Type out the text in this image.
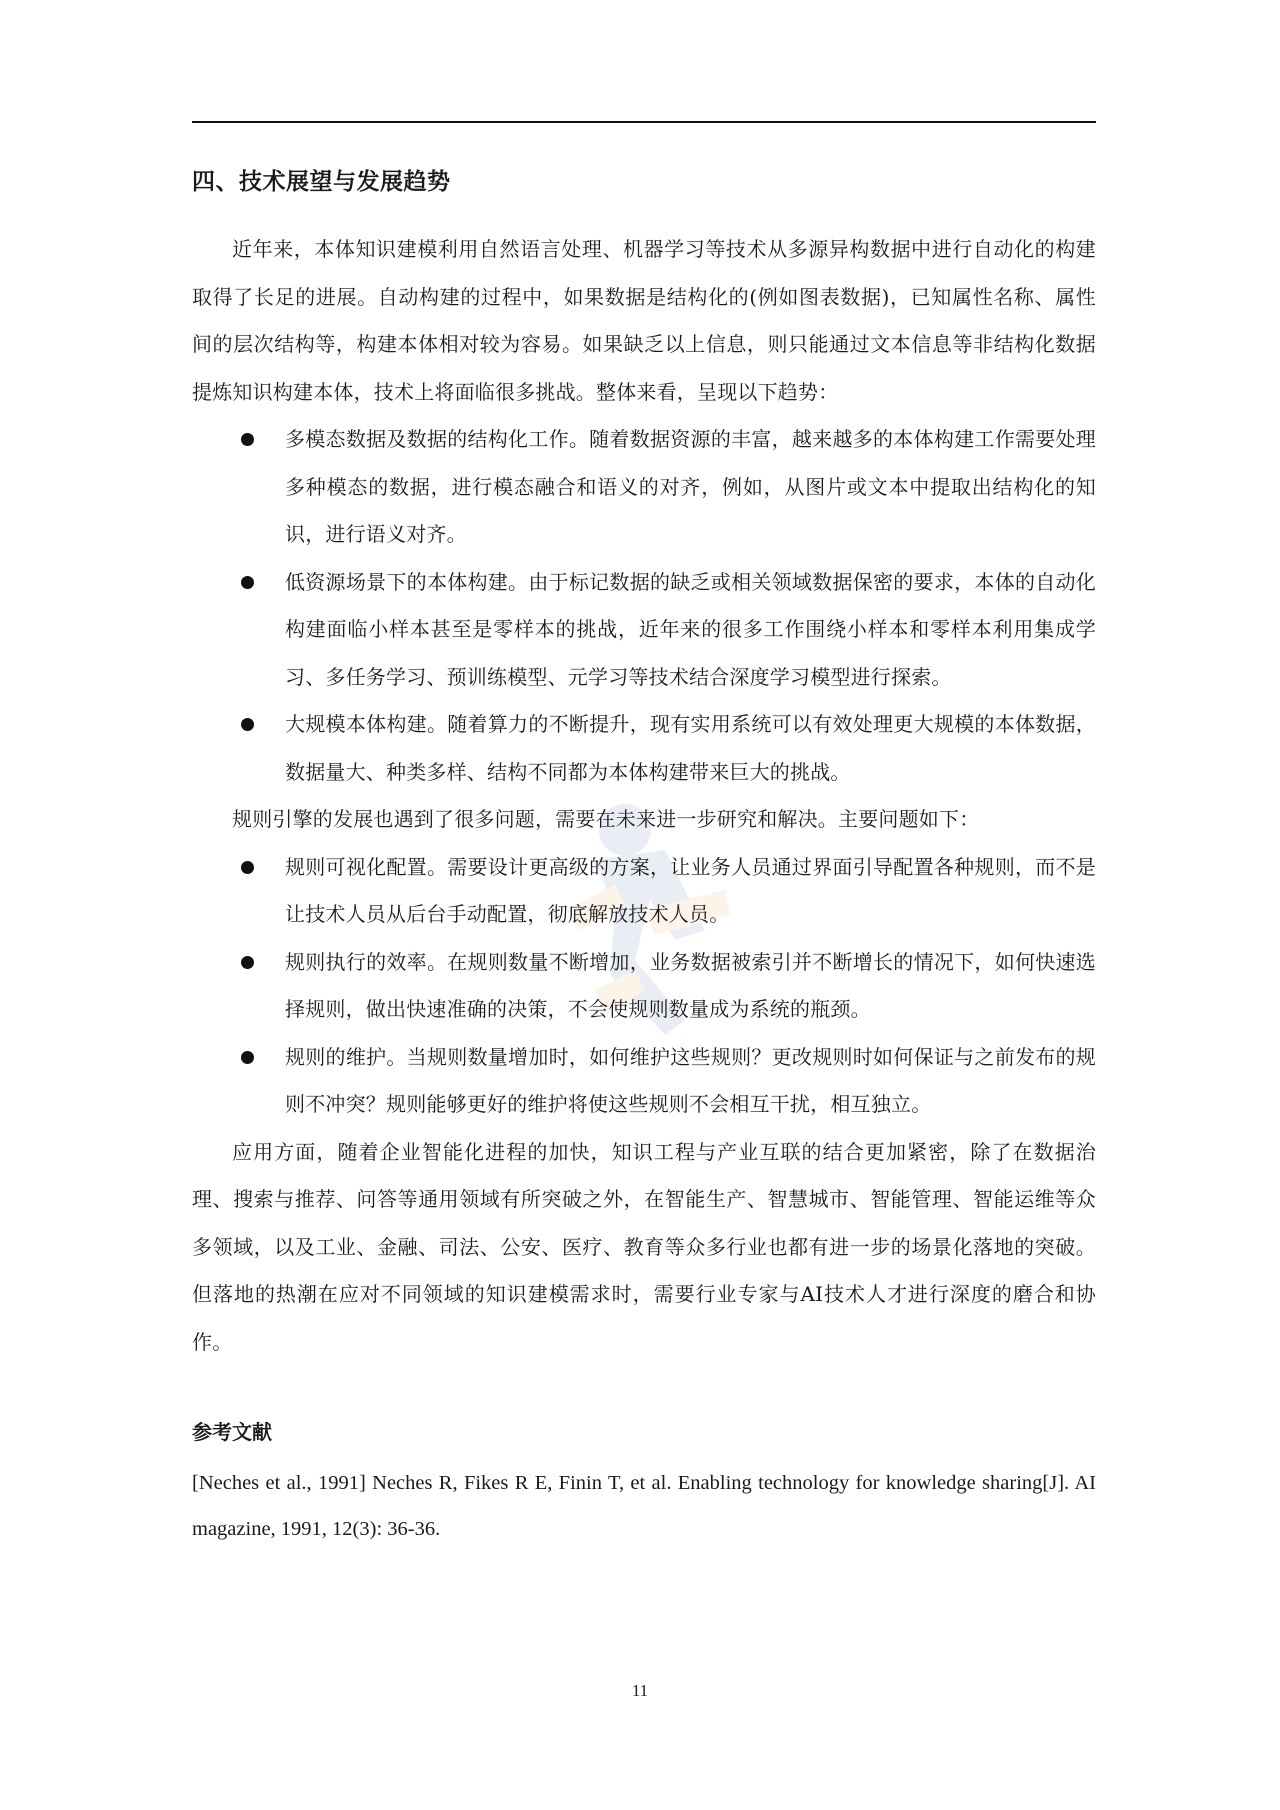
四、技术展望与发展趋势

近年来，本体知识建模利用自然语言处理、机器学习等技术从多源异构数据中进行自动化的构建取得了长足的进展。自动构建的过程中，如果数据是结构化的(例如图表数据)，已知属性名称、属性间的层次结构等，构建本体相对较为容易。如果缺乏以上信息，则只能通过文本信息等非结构化数据提炼知识构建本体，技术上将面临很多挑战。整体来看，呈现以下趋势：

多模态数据及数据的结构化工作。随着数据资源的丰富，越来越多的本体构建工作需要处理多种模态的数据，进行模态融合和语义的对齐，例如，从图片或文本中提取出结构化的知识，进行语义对齐。
低资源场景下的本体构建。由于标记数据的缺乏或相关领域数据保密的要求，本体的自动化构建面临小样本甚至是零样本的挑战，近年来的很多工作围绕小样本和零样本利用集成学习、多任务学习、预训练模型、元学习等技术结合深度学习模型进行探索。
大规模本体构建。随着算力的不断提升，现有实用系统可以有效处理更大规模的本体数据，数据量大、种类多样、结构不同都为本体构建带来巨大的挑战。

规则引擎的发展也遇到了很多问题，需要在未来进一步研究和解决。主要问题如下：

规则可视化配置。需要设计更高级的方案，让业务人员通过界面引导配置各种规则，而不是让技术人员从后台手动配置，彻底解放技术人员。
规则执行的效率。在规则数量不断增加，业务数据被索引并不断增长的情况下，如何快速选择规则，做出快速准确的决策，不会使规则数量成为系统的瓶颈。
规则的维护。当规则数量增加时，如何维护这些规则？更改规则时如何保证与之前发布的规则不冲突？规则能够更好的维护将使这些规则不会相互干扰，相互独立。

应用方面，随着企业智能化进程的加快，知识工程与产业互联的结合更加紧密，除了在数据治理、搜索与推荐、问答等通用领域有所突破之外，在智能生产、智慧城市、智能管理、智能运维等众多领域，以及工业、金融、司法、公安、医疗、教育等众多行业也都有进一步的场景化落地的突破。但落地的热潮在应对不同领域的知识建模需求时，需要行业专家与AI技术人才进行深度的磨合和协作。

参考文献

[Neches et al., 1991] Neches R, Fikes R E, Finin T, et al. Enabling technology for knowledge sharing[J]. AI magazine, 1991, 12(3): 36-36.

11
